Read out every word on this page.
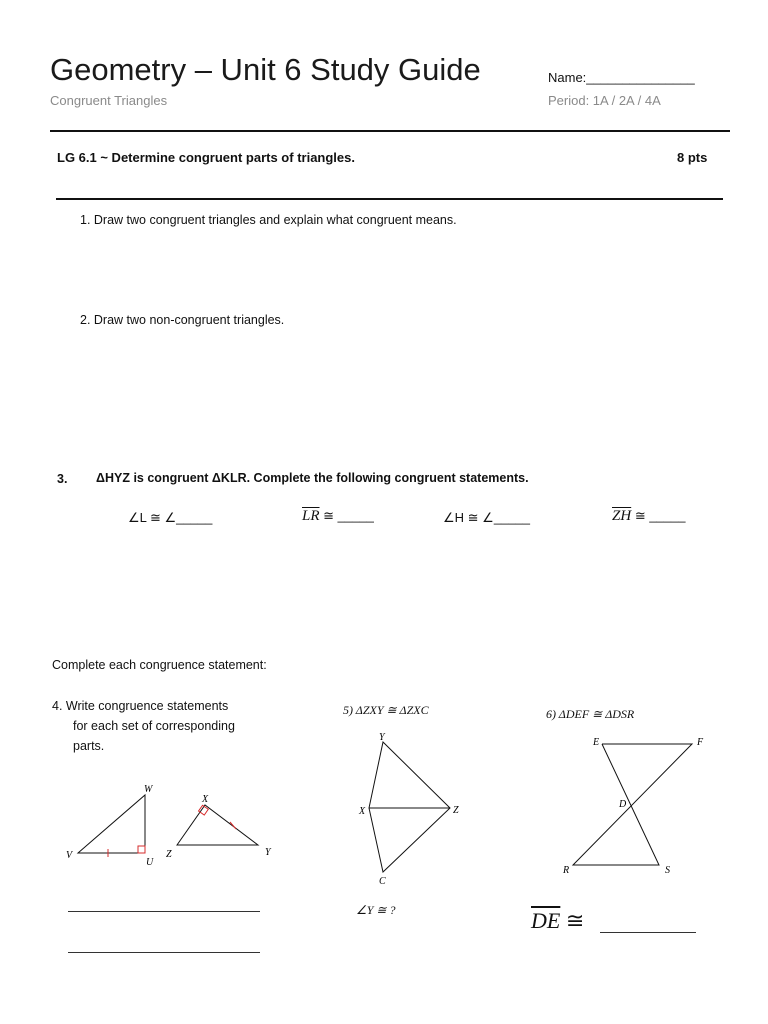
Geometry – Unit 6 Study Guide
Congruent Triangles
Name:_______________
Period: 1A / 2A / 4A
LG 6.1 ~ Determine congruent parts of triangles.	8 pts
1. Draw two congruent triangles and explain what congruent means.
2. Draw two non-congruent triangles.
3. ΔHYZ is congruent ΔKLR. Complete the following congruent statements.
∠L ≅ ∠_____	$\overline{LR}$ ≅ _____	∠H ≅ ∠_____	$\overline{ZH}$ ≅ _____
Complete each congruence statement:
4. Write congruence statements
for each set of corresponding
parts.
5) ΔZXY ≅ ΔZXC	6) ΔDEF ≅ ΔDSR
W
V
U
X
Z	Y
Y
X	Z
C
E	F
D
R	S
∠Y ≅ ?	$\overline{DE}$ ≅
